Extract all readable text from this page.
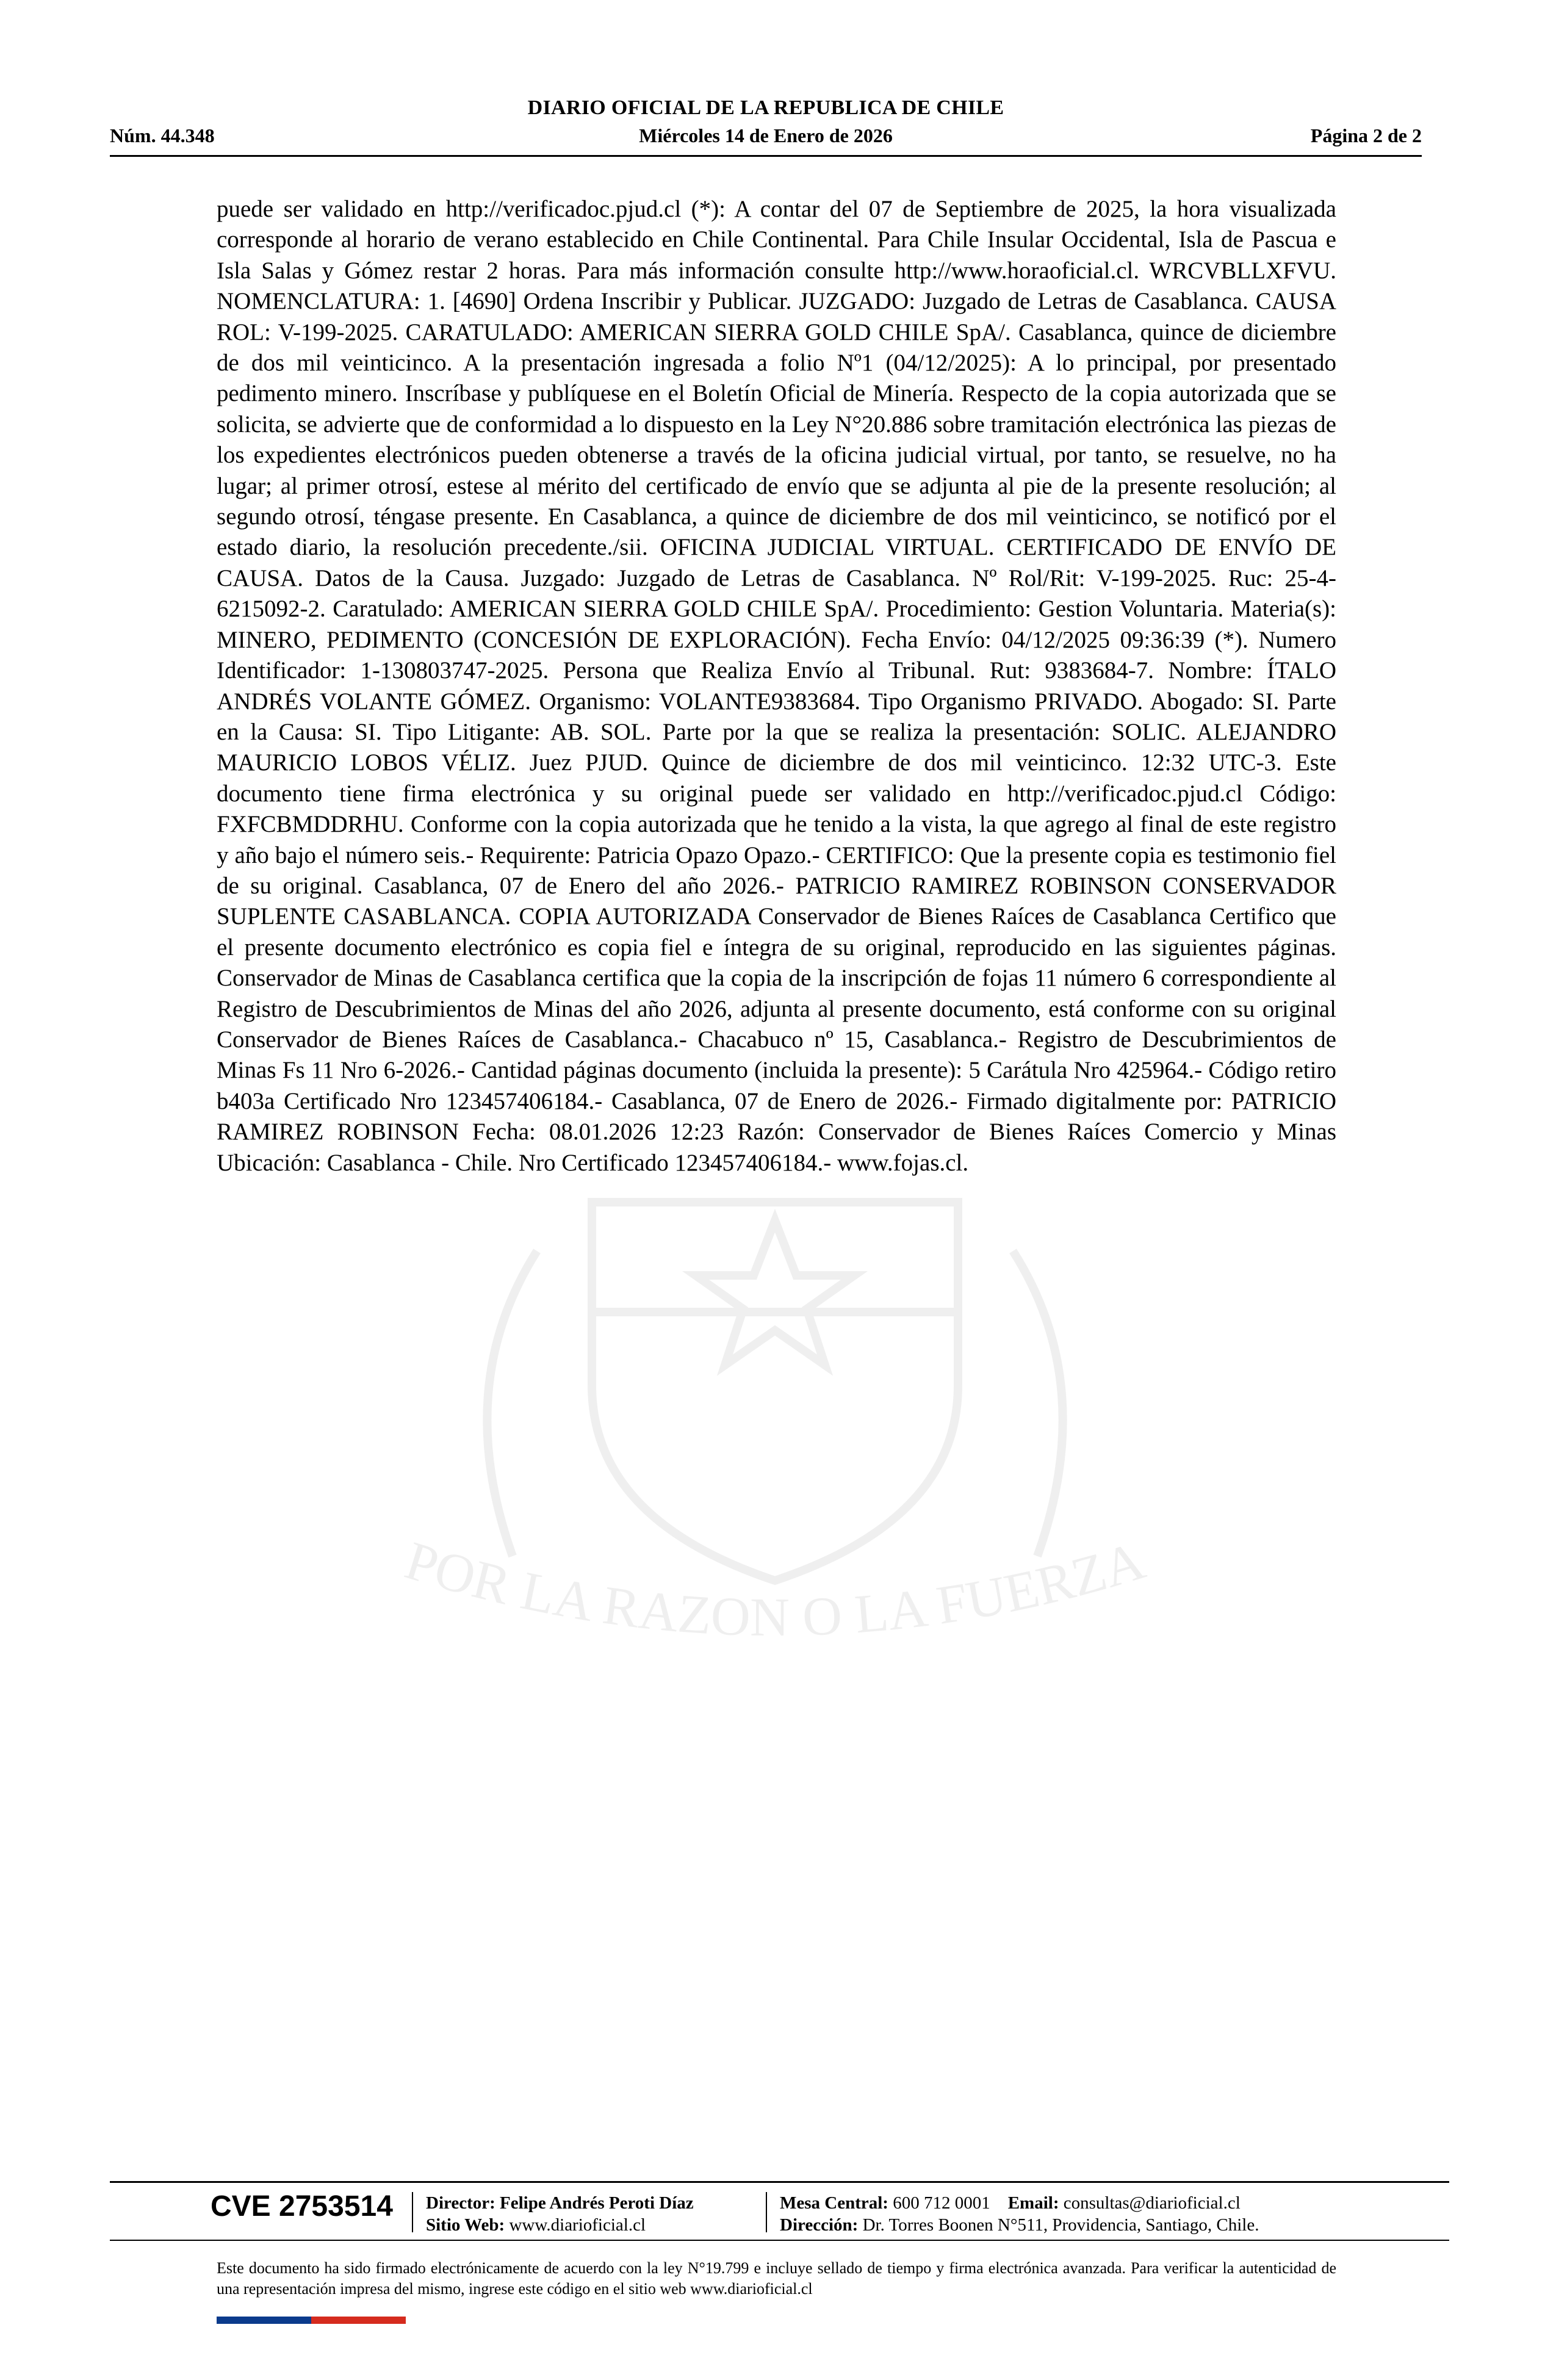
DIARIO OFICIAL DE LA REPUBLICA DE CHILE
Núm. 44.348	Miércoles 14 de Enero de 2026	Página 2 de 2
POR LA RAZON O LA FUERZA
puede ser validado en http://verificadoc.pjud.cl (*): A contar del 07 de Septiembre de 2025, la hora visualizada corresponde al horario de verano establecido en Chile Continental. Para Chile Insular Occidental, Isla de Pascua e Isla Salas y Gómez restar 2 horas. Para más información consulte http://www.horaoficial.cl. WRCVBLLXFVU. NOMENCLATURA: 1. [4690] Ordena Inscribir y Publicar. JUZGADO: Juzgado de Letras de Casablanca. CAUSA ROL: V-199-2025. CARATULADO: AMERICAN SIERRA GOLD CHILE SpA/. Casablanca, quince de diciembre de dos mil veinticinco. A la presentación ingresada a folio Nº1 (04/12/2025): A lo principal, por presentado pedimento minero. Inscríbase y publíquese en el Boletín Oficial de Minería. Respecto de la copia autorizada que se solicita, se advierte que de conformidad a lo dispuesto en la Ley N°20.886 sobre tramitación electrónica las piezas de los expedientes electrónicos pueden obtenerse a través de la oficina judicial virtual, por tanto, se resuelve, no ha lugar; al primer otrosí, estese al mérito del certificado de envío que se adjunta al pie de la presente resolución; al segundo otrosí, téngase presente. En Casablanca, a quince de diciembre de dos mil veinticinco, se notificó por el estado diario, la resolución precedente./sii. OFICINA JUDICIAL VIRTUAL. CERTIFICADO DE ENVÍO DE CAUSA. Datos de la Causa. Juzgado: Juzgado de Letras de Casablanca. Nº Rol/Rit: V-199-2025. Ruc: 25-4-6215092-2. Caratulado: AMERICAN SIERRA GOLD CHILE SpA/. Procedimiento: Gestion Voluntaria. Materia(s): MINERO, PEDIMENTO (CONCESIÓN DE EXPLORACIÓN). Fecha Envío: 04/12/2025 09:36:39 (*). Numero Identificador: 1-130803747-2025. Persona que Realiza Envío al Tribunal. Rut: 9383684-7. Nombre: ÍTALO ANDRÉS VOLANTE GÓMEZ. Organismo: VOLANTE9383684. Tipo Organismo PRIVADO. Abogado: SI. Parte en la Causa: SI. Tipo Litigante: AB. SOL. Parte por la que se realiza la presentación: SOLIC. ALEJANDRO MAURICIO LOBOS VÉLIZ. Juez PJUD. Quince de diciembre de dos mil veinticinco. 12:32 UTC-3. Este documento tiene firma electrónica y su original puede ser validado en http://verificadoc.pjud.cl Código: FXFCBMDDRHU. Conforme con la copia autorizada que he tenido a la vista, la que agrego al final de este registro y año bajo el número seis.- Requirente: Patricia Opazo Opazo.- CERTIFICO: Que la presente copia es testimonio fiel de su original. Casablanca, 07 de Enero del año 2026.- PATRICIO RAMIREZ ROBINSON CONSERVADOR SUPLENTE CASABLANCA. COPIA AUTORIZADA Conservador de Bienes Raíces de Casablanca Certifico que el presente documento electrónico es copia fiel e íntegra de su original, reproducido en las siguientes páginas. Conservador de Minas de Casablanca certifica que la copia de la inscripción de fojas 11 número 6 correspondiente al Registro de Descubrimientos de Minas del año 2026, adjunta al presente documento, está conforme con su original Conservador de Bienes Raíces de Casablanca.- Chacabuco nº 15, Casablanca.- Registro de Descubrimientos de Minas Fs 11 Nro 6-2026.- Cantidad páginas documento (incluida la presente): 5 Carátula Nro 425964.- Código retiro b403a Certificado Nro 123457406184.- Casablanca, 07 de Enero de 2026.- Firmado digitalmente por: PATRICIO RAMIREZ ROBINSON Fecha: 08.01.2026 12:23 Razón: Conservador de Bienes Raíces Comercio y Minas Ubicación: Casablanca - Chile. Nro Certificado 123457406184.- www.fojas.cl.
CVE 2753514 Director: Felipe Andrés Peroti Díaz
Sitio Web: www.diarioficial.cl
Mesa Central: 600 712 0001 Email: consultas@diarioficial.cl
Dirección: Dr. Torres Boonen N°511, Providencia, Santiago, Chile.
Este documento ha sido firmado electrónicamente de acuerdo con la ley N°19.799 e incluye sellado de tiempo y firma electrónica avanzada. Para verificar la autenticidad de una representación impresa del mismo, ingrese este código en el sitio web www.diarioficial.cl
